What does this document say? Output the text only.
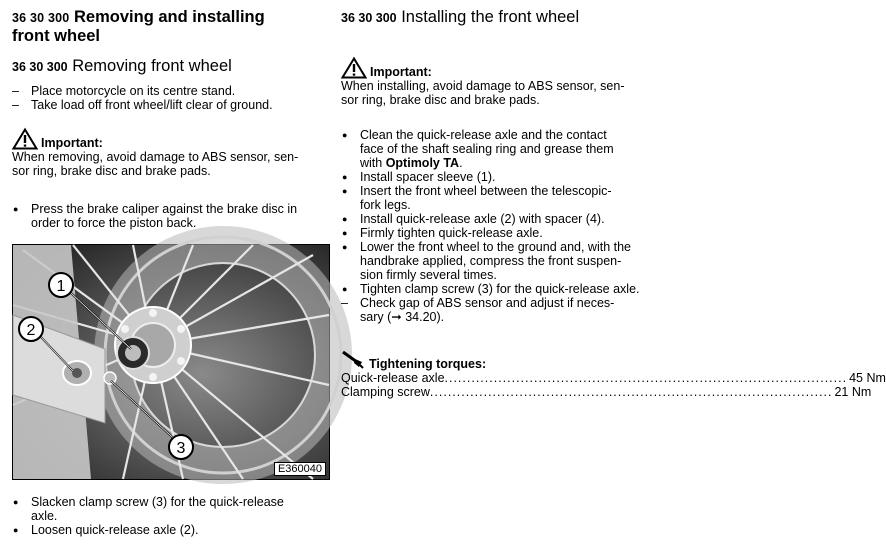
36 30 300 Removing and installing
front wheel
36 30 300 Removing front wheel
–
Place motorcycle on its centre stand.
–
Take load off front wheel/lift clear of ground.
Important:
When removing, avoid damage to ABS sensor, sen-
sor ring, brake disc and brake pads.
●
Press the brake caliper against the brake disc in
order to force the piston back.
1
2
3
E360040
●
Slacken clamp screw (3) for the quick-release
axle.
●
Loosen quick-release axle (2).
36 30 300 Installing the front wheel
Important:
When installing, avoid damage to ABS sensor, sen-
sor ring, brake disc and brake pads.
●
Clean the quick-release axle and the contact
face of the shaft sealing ring and grease them
with Optimoly TA.
●
Install spacer sleeve (1).
●
Insert the front wheel between the telescopic-
fork legs.
●
Install quick-release axle (2) with spacer (4).
●
Firmly tighten quick-release axle.
●
Lower the front wheel to the ground and, with the
handbrake applied, compress the front suspen-
sion firmly several times.
●
Tighten clamp screw (3) for the quick-release axle.
–
Check gap of ABS sensor and adjust if neces-
sary (➞ 34.20).
Tightening torques:
Quick-release axle .......................................................................................... 45 Nm
Clamping screw .......................................................................................... 21 Nm
